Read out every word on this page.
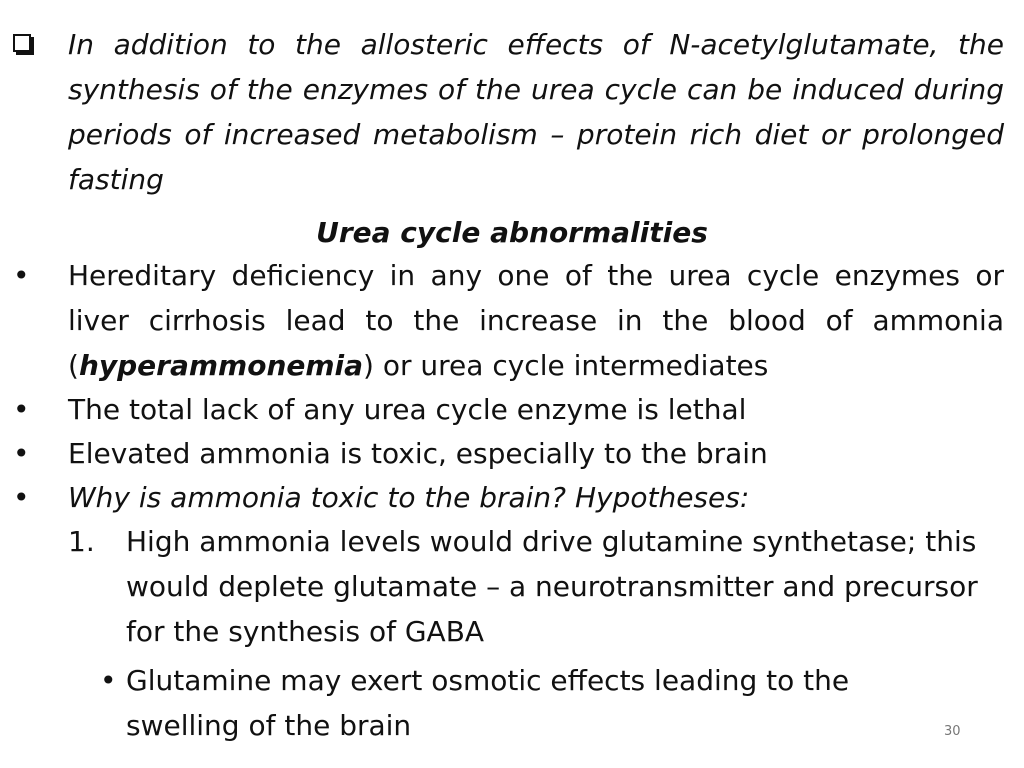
In addition to the allosteric effects of N-acetylglutamate, the synthesis of the enzymes of the urea cycle can be induced during periods of increased metabolism – protein rich diet or prolonged fasting
Urea cycle abnormalities
• Hereditary deficiency in any one of the urea cycle enzymes or liver cirrhosis lead to the increase in the blood of ammonia (hyperammonemia) or urea cycle intermediates
• The total lack of any urea cycle enzyme is lethal
• Elevated ammonia is toxic, especially to the brain
• Why is ammonia toxic to the brain? Hypotheses:
1. High ammonia levels would drive glutamine synthetase; this would deplete glutamate – a neurotransmitter and precursor for the synthesis of GABA
• Glutamine may exert osmotic effects leading to the swelling of the brain	30
